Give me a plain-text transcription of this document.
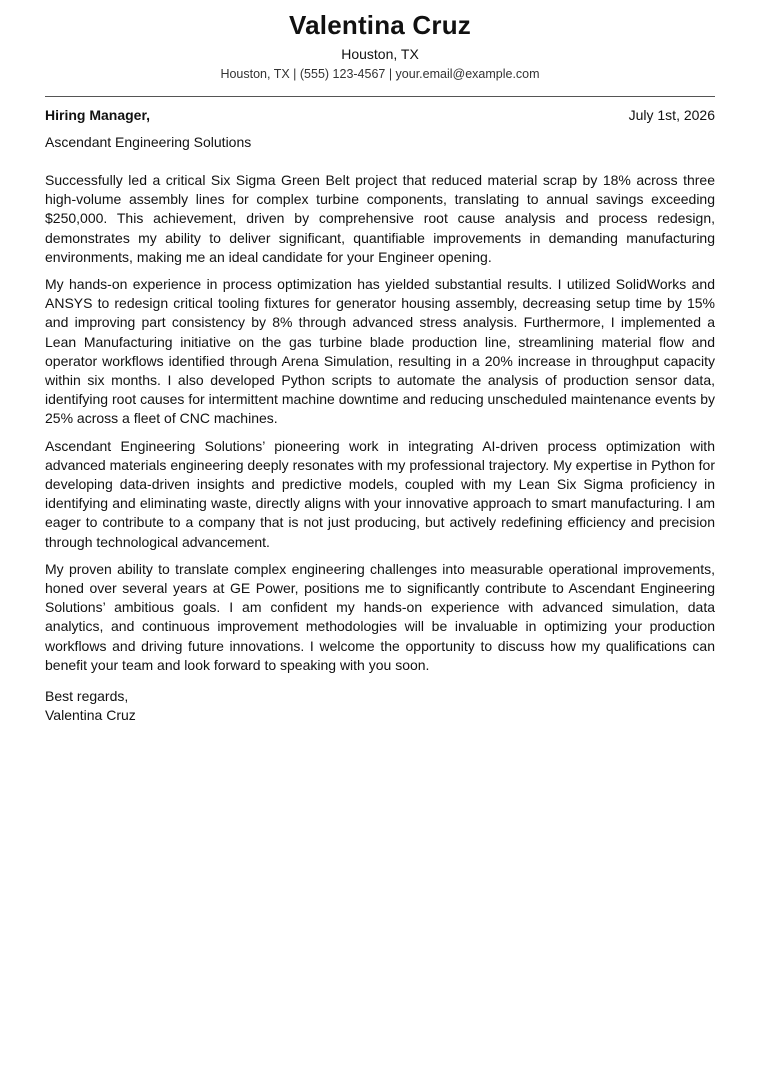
Valentina Cruz
Houston, TX
Houston, TX | (555) 123-4567 | your.email@example.com
Hiring Manager,	July 1st, 2026
Ascendant Engineering Solutions

Successfully led a critical Six Sigma Green Belt project that reduced material scrap by 18% across three high-volume assembly lines for complex turbine components, translating to annual savings exceeding $250,000. This achievement, driven by comprehensive root cause analysis and process redesign, demonstrates my ability to deliver significant, quantifiable improvements in demanding manufacturing environments, making me an ideal candidate for your Engineer opening.

My hands-on experience in process optimization has yielded substantial results. I utilized SolidWorks and ANSYS to redesign critical tooling fixtures for generator housing assembly, decreasing setup time by 15% and improving part consistency by 8% through advanced stress analysis. Furthermore, I implemented a Lean Manufacturing initiative on the gas turbine blade production line, streamlining material flow and operator workflows identified through Arena Simulation, resulting in a 20% increase in throughput capacity within six months. I also developed Python scripts to automate the analysis of production sensor data, identifying root causes for intermittent machine downtime and reducing unscheduled maintenance events by 25% across a fleet of CNC machines.

Ascendant Engineering Solutions’ pioneering work in integrating AI-driven process optimization with advanced materials engineering deeply resonates with my professional trajectory. My expertise in Python for developing data-driven insights and predictive models, coupled with my Lean Six Sigma proficiency in identifying and eliminating waste, directly aligns with your innovative approach to smart manufacturing. I am eager to contribute to a company that is not just producing, but actively redefining efficiency and precision through technological advancement.

My proven ability to translate complex engineering challenges into measurable operational improvements, honed over several years at GE Power, positions me to significantly contribute to Ascendant Engineering Solutions’ ambitious goals. I am confident my hands-on experience with advanced simulation, data analytics, and continuous improvement methodologies will be invaluable in optimizing your production workflows and driving future innovations. I welcome the opportunity to discuss how my qualifications can benefit your team and look forward to speaking with you soon.

Best regards,
Valentina Cruz
